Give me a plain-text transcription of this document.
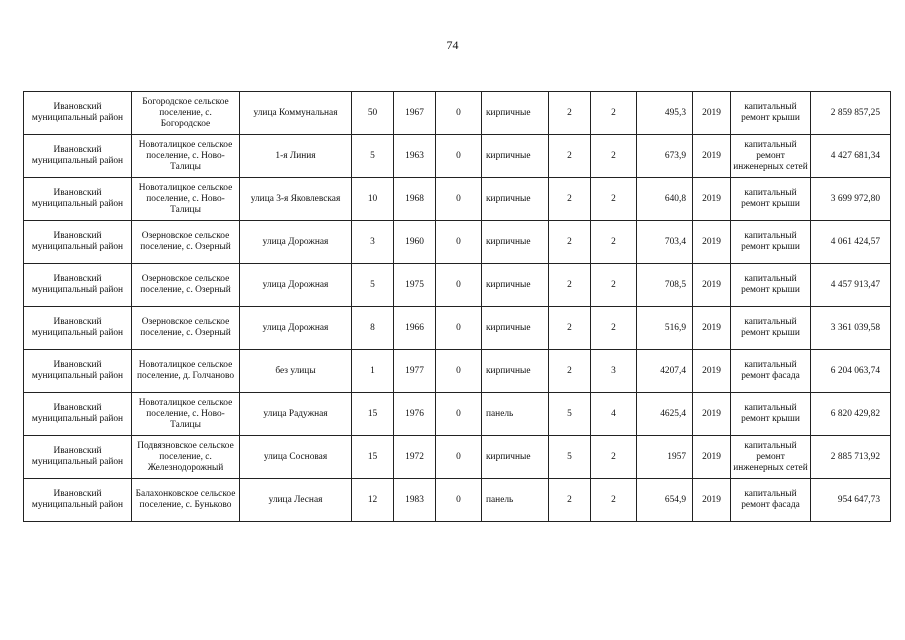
74
Ивановский муниципальный район	Богородское сельское поселение, с. Богородское	улица Коммунальная	50	1967	0	кирпичные	2	2	495,3	2019	капитальный ремонт крыши	2 859 857,25

Ивановский муниципальный район	Новоталицкое сельское поселение, с. Ново-Талицы	1-я Линия	5	1963	0	кирпичные	2	2	673,9	2019	капитальный ремонт инженерных сетей	4 427 681,34

Ивановский муниципальный район	Новоталицкое сельское поселение, с. Ново-Талицы	улица 3-я Яковлевская	10	1968	0	кирпичные	2	2	640,8	2019	капитальный ремонт крыши	3 699 972,80

Ивановский муниципальный район	Озерновское сельское поселение, с. Озерный	улица Дорожная	3	1960	0	кирпичные	2	2	703,4	2019	капитальный ремонт крыши	4 061 424,57

Ивановский муниципальный район	Озерновское сельское поселение, с. Озерный	улица Дорожная	5	1975	0	кирпичные	2	2	708,5	2019	капитальный ремонт крыши	4 457 913,47

Ивановский муниципальный район	Озерновское сельское поселение, с. Озерный	улица Дорожная	8	1966	0	кирпичные	2	2	516,9	2019	капитальный ремонт крыши	3 361 039,58

Ивановский муниципальный район	Новоталицкое сельское поселение, д. Голчаново	без улицы	1	1977	0	кирпичные	2	3	4207,4	2019	капитальный ремонт фасада	6 204 063,74

Ивановский муниципальный район	Новоталицкое сельское поселение, с. Ново-Талицы	улица Радужная	15	1976	0	панель	5	4	4625,4	2019	капитальный ремонт крыши	6 820 429,82

Ивановский муниципальный район	Подвязновское сельское поселение, с. Железнодорожный	улица Сосновая	15	1972	0	кирпичные	5	2	1957	2019	капитальный ремонт инженерных сетей	2 885 713,92

Ивановский муниципальный район	Балахонковское сельское поселение, с. Буньково	улица Лесная	12	1983	0	панель	2	2	654,9	2019	капитальный ремонт фасада	954 647,73
